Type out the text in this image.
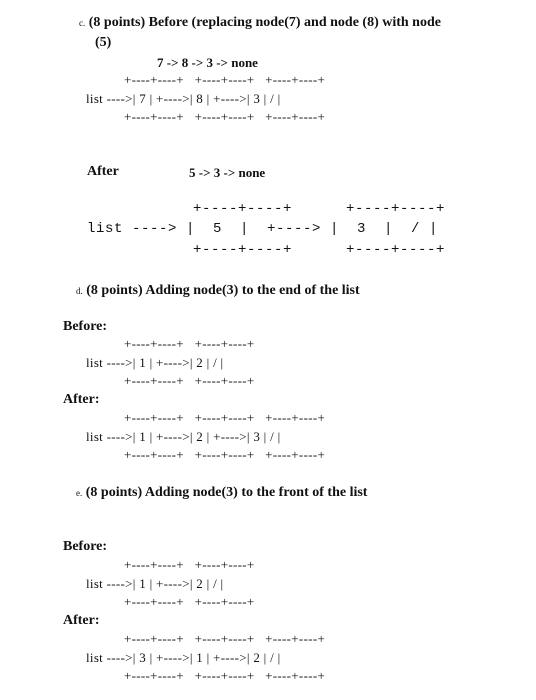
c. (8 points) Before (replacing node(7) and node (8) with node
(5)
7 -> 8 -> 3 -> none
+----+----+   +----+----+   +----+----+
list ---->| 7 | +---->| 8 | +---->| 3 | / |
+----+----+   +----+----+   +----+----+
After	5 -> 3 -> none
+----+----+      +----+----+
list ----> |  5  |  +----> |  3  |  / |
+----+----+      +----+----+
d. (8 points) Adding node(3) to the end of the list
Before:
+----+----+   +----+----+
list ---->| 1 | +---->| 2 | / |
+----+----+   +----+----+
After:
+----+----+   +----+----+   +----+----+
list ---->| 1 | +---->| 2 | +---->| 3 | / |
+----+----+   +----+----+   +----+----+
e. (8 points) Adding node(3) to the front of the list
Before:
+----+----+   +----+----+
list ---->| 1 | +---->| 2 | / |
+----+----+   +----+----+
After:
+----+----+   +----+----+   +----+----+
list ---->| 3 | +---->| 1 | +---->| 2 | / |
+----+----+   +----+----+   +----+----+
